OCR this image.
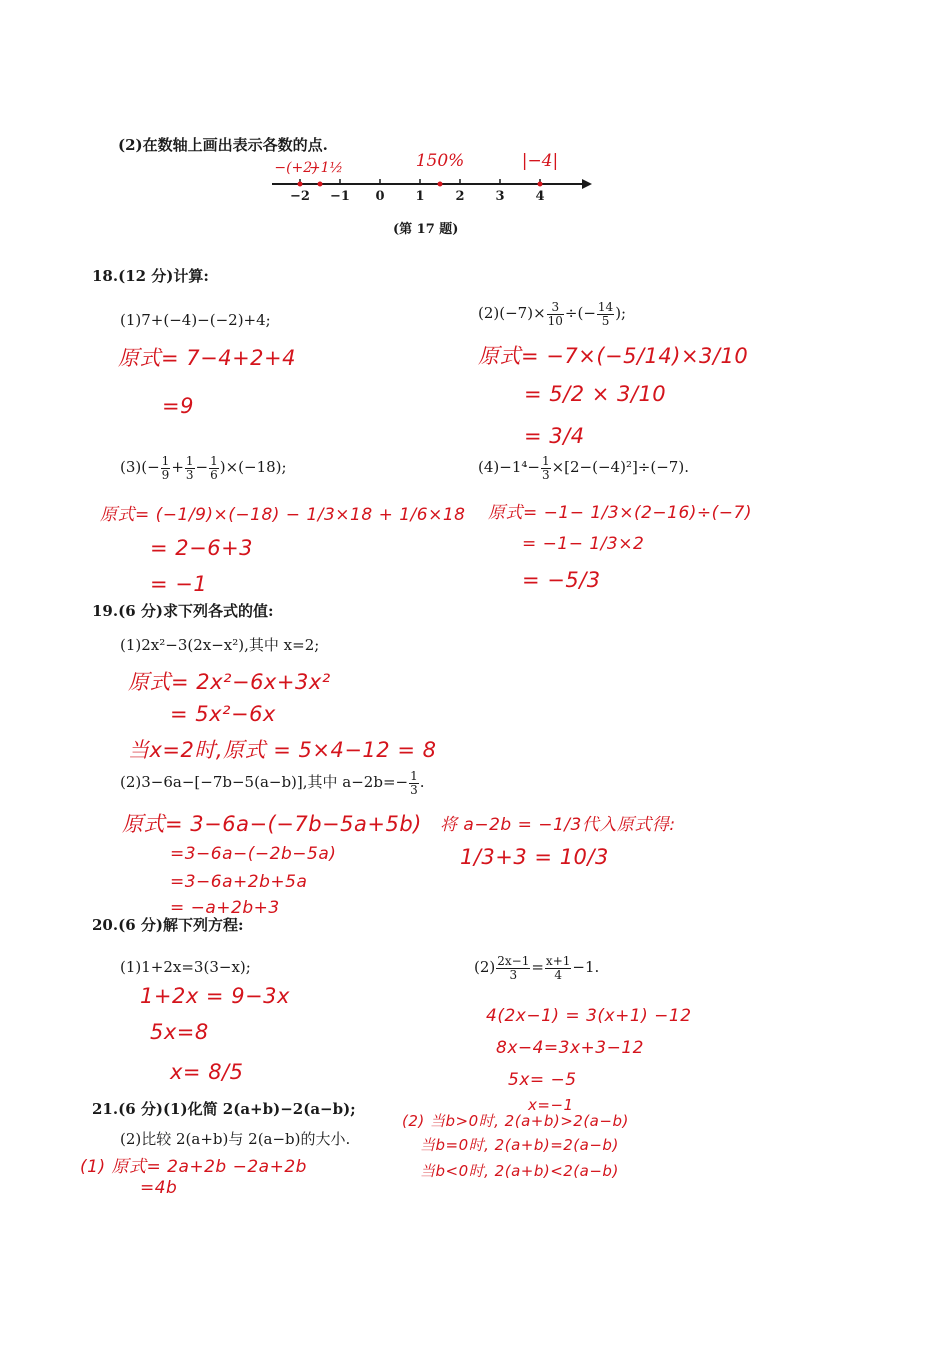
(2)在数轴上画出表示各数的点.
−2 −1 0 1 2 3 4
−(+2)
−1½	150%	|−4|
(第 17 题)
18.(12 分)计算:
(1)7+(−4)−(−2)+4;
原式= 7−4+2+4
=9
$(2)(-7)\times \frac{3}{10}$ ÷(− $\frac{14}{5}$ );
原式= −7×(−5/14)×3/10
= 5/2 × 3/10
= 3/4
$(3)(- \frac{1}{9} + \frac{1}{3} - \frac{1}{6} )\times(-18)$;
原式= (−1/9)×(−18) − 1/3×18 + 1/6×18
= 2−6+3
= −1
$(4)-1^4- \frac{1}{3} \times[2-(-4)^2]\div(-7)$.
原式= −1− 1/3×(2−16)÷(−7)
= −1− 1/3×2
= −5/3
19.(6 分)求下列各式的值:
(1)2x²−3(2x−x²),其中 x=2;
原式= 2x²−6x+3x²
= 5x²−6x
当x=2时,原式 = 5×4−12 = 8
(2)3−6a−[−7b−5(a−b)],其中 $a-2b=- \frac{1}{3}$ .
原式= 3−6a−(−7b−5a+5b)
=3−6a−(−2b−5a)
=3−6a+2b+5a
= −a+2b+3
将 a−2b = −1/3代入原式得:
1/3+3 = 10/3
20.(6 分)解下列方程:
(1)1+2x=3(3−x);
1+2x = 9−3x
5x=8
x= 8/5
$(2) \frac{2x-1}{3} = \frac{x+1}{4} -1$.
4(2x−1) = 3(x+1) −12
8x−4=3x+3−12
5x= −5
x=−1
21.(6 分)(1)化简 2(a+b)−2(a−b);
(2)比较 2(a+b)与 2(a−b)的大小.
(1) 原式= 2a+2b −2a+2b
=4b
(2) 当b>0时, 2(a+b)>2(a−b)
当b=0时, 2(a+b)=2(a−b)
当b<0时, 2(a+b)<2(a−b)
